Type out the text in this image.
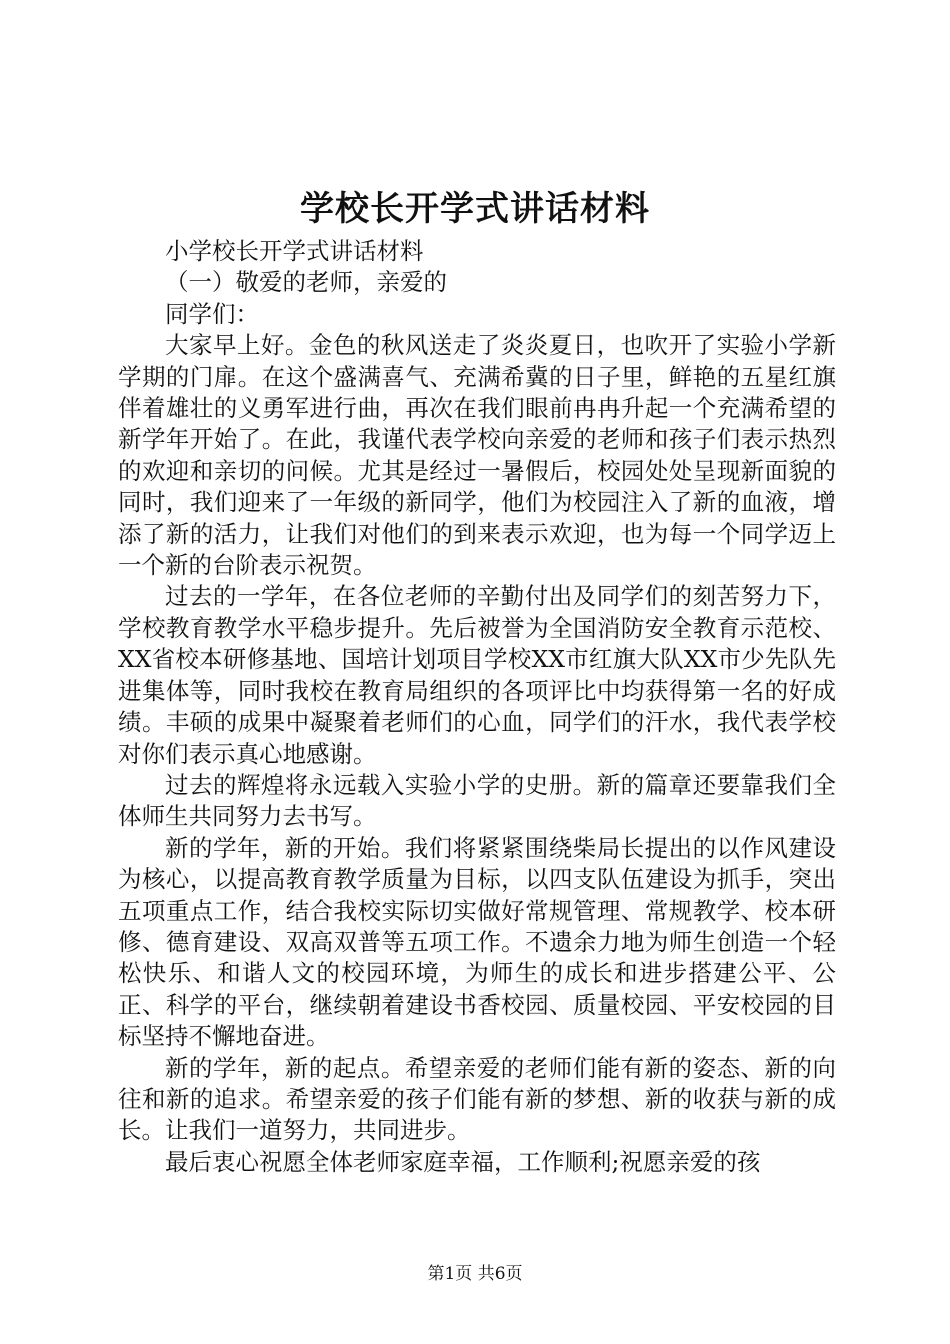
学校长开学式讲话材料

小学校长开学式讲话材料

（一）敬爱的老师，亲爱的

同学们：

大家早上好。金色的秋风送走了炎炎夏日，也吹开了实验小学新学期的门扉。在这个盛满喜气、充满希冀的日子里，鲜艳的五星红旗伴着雄壮的义勇军进行曲，再次在我们眼前冉冉升起一个充满希望的新学年开始了。在此，我谨代表学校向亲爱的老师和孩子们表示热烈的欢迎和亲切的问候。尤其是经过一暑假后，校园处处呈现新面貌的同时，我们迎来了一年级的新同学，他们为校园注入了新的血液，增添了新的活力，让我们对他们的到来表示欢迎，也为每一个同学迈上一个新的台阶表示祝贺。

过去的一学年，在各位老师的辛勤付出及同学们的刻苦努力下，学校教育教学水平稳步提升。先后被誉为全国消防安全教育示范校、XX省校本研修基地、国培计划项目学校XX市红旗大队XX市少先队先进集体等，同时我校在教育局组织的各项评比中均获得第一名的好成绩。丰硕的成果中凝聚着老师们的心血，同学们的汗水，我代表学校对你们表示真心地感谢。

过去的辉煌将永远载入实验小学的史册。新的篇章还要靠我们全体师生共同努力去书写。

新的学年，新的开始。我们将紧紧围绕柴局长提出的以作风建设为核心，以提高教育教学质量为目标，以四支队伍建设为抓手，突出五项重点工作，结合我校实际切实做好常规管理、常规教学、校本研修、德育建设、双高双普等五项工作。不遗余力地为师生创造一个轻松快乐、和谐人文的校园环境，为师生的成长和进步搭建公平、公正、科学的平台，继续朝着建设书香校园、质量校园、平安校园的目标坚持不懈地奋进。

新的学年，新的起点。希望亲爱的老师们能有新的姿态、新的向往和新的追求。希望亲爱的孩子们能有新的梦想、新的收获与新的成长。让我们一道努力，共同进步。

最后衷心祝愿全体老师家庭幸福，工作顺利;祝愿亲爱的孩

第1页 共6页
